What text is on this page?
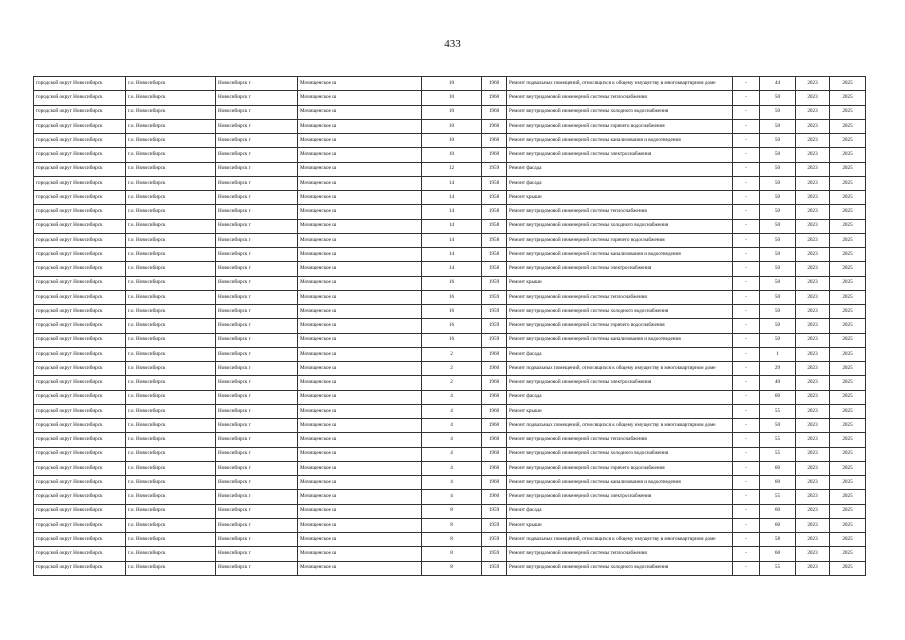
433
городской округ Новосибирск	г.о. Новосибирск	Новосибирск г	Мочищенское ш	10	1960	Ремонт подвальных помещений, относящихся к общему имуществу в многоквартирном доме	-	44	2023	2025
городской округ Новосибирск	г.о. Новосибирск	Новосибирск г	Мочищенское ш	10	1960	Ремонт внутридомовой инженерной системы теплоснабжения	-	50	2023	2025
городской округ Новосибирск	г.о. Новосибирск	Новосибирск г	Мочищенское ш	10	1960	Ремонт внутридомовой инженерной системы холодного водоснабжения	-	50	2023	2025
городской округ Новосибирск	г.о. Новосибирск	Новосибирск г	Мочищенское ш	10	1960	Ремонт внутридомовой инженерной системы горячего водоснабжения	-	50	2023	2025
городской округ Новосибирск	г.о. Новосибирск	Новосибирск г	Мочищенское ш	10	1960	Ремонт внутридомовой инженерной системы канализования и водоотведения	-	50	2023	2025
городской округ Новосибирск	г.о. Новосибирск	Новосибирск г	Мочищенское ш	10	1960	Ремонт внутридомовой инженерной системы электроснабжения	-	50	2023	2025
городской округ Новосибирск	г.о. Новосибирск	Новосибирск г	Мочищенское ш	12	1959	Ремонт фасада	-	50	2023	2025
городской округ Новосибирск	г.о. Новосибирск	Новосибирск г	Мочищенское ш	14	1958	Ремонт фасада	-	50	2023	2025
городской округ Новосибирск	г.о. Новосибирск	Новосибирск г	Мочищенское ш	14	1958	Ремонт крыши	-	50	2023	2025
городской округ Новосибирск	г.о. Новосибирск	Новосибирск г	Мочищенское ш	14	1958	Ремонт внутридомовой инженерной системы теплоснабжения	-	50	2023	2025
городской округ Новосибирск	г.о. Новосибирск	Новосибирск г	Мочищенское ш	14	1958	Ремонт внутридомовой инженерной системы холодного водоснабжения	-	50	2023	2025
городской округ Новосибирск	г.о. Новосибирск	Новосибирск г	Мочищенское ш	14	1958	Ремонт внутридомовой инженерной системы горячего водоснабжения	-	50	2023	2025
городской округ Новосибирск	г.о. Новосибирск	Новосибирск г	Мочищенское ш	14	1958	Ремонт внутридомовой инженерной системы канализования и водоотведения	-	50	2023	2025
городской округ Новосибирск	г.о. Новосибирск	Новосибирск г	Мочищенское ш	14	1958	Ремонт внутридомовой инженерной системы электроснабжения	-	50	2023	2025
городской округ Новосибирск	г.о. Новосибирск	Новосибирск г	Мочищенское ш	16	1959	Ремонт крыши	-	50	2023	2025
городской округ Новосибирск	г.о. Новосибирск	Новосибирск г	Мочищенское ш	16	1959	Ремонт внутридомовой инженерной системы теплоснабжения	-	50	2023	2025
городской округ Новосибирск	г.о. Новосибирск	Новосибирск г	Мочищенское ш	16	1959	Ремонт внутридомовой инженерной системы холодного водоснабжения	-	50	2023	2025
городской округ Новосибирск	г.о. Новосибирск	Новосибирск г	Мочищенское ш	16	1959	Ремонт внутридомовой инженерной системы горячего водоснабжения	-	50	2023	2025
городской округ Новосибирск	г.о. Новосибирск	Новосибирск г	Мочищенское ш	16	1959	Ремонт внутридомовой инженерной системы канализования и водоотведения	-	50	2023	2025
городской округ Новосибирск	г.о. Новосибирск	Новосибирск г	Мочищенское ш	2	1960	Ремонт фасада	-	1	2023	2025
городской округ Новосибирск	г.о. Новосибирск	Новосибирск г	Мочищенское ш	2	1960	Ремонт подвальных помещений, относящихся к общему имуществу в многоквартирном доме	-	29	2023	2025
городской округ Новосибирск	г.о. Новосибирск	Новосибирск г	Мочищенское ш	2	1960	Ремонт внутридомовой инженерной системы электроснабжения	-	40	2023	2025
городской округ Новосибирск	г.о. Новосибирск	Новосибирск г	Мочищенское ш	4	1960	Ремонт фасада	-	60	2023	2025
городской округ Новосибирск	г.о. Новосибирск	Новосибирск г	Мочищенское ш	4	1960	Ремонт крыши	-	55	2023	2025
городской округ Новосибирск	г.о. Новосибирск	Новосибирск г	Мочищенское ш	4	1960	Ремонт подвальных помещений, относящихся к общему имуществу в многоквартирном доме	-	50	2023	2025
городской округ Новосибирск	г.о. Новосибирск	Новосибирск г	Мочищенское ш	4	1960	Ремонт внутридомовой инженерной системы теплоснабжения	-	55	2023	2025
городской округ Новосибирск	г.о. Новосибирск	Новосибирск г	Мочищенское ш	4	1960	Ремонт внутридомовой инженерной системы холодного водоснабжения	-	55	2023	2025
городской округ Новосибирск	г.о. Новосибирск	Новосибирск г	Мочищенское ш	4	1960	Ремонт внутридомовой инженерной системы горячего водоснабжения	-	60	2023	2025
городской округ Новосибирск	г.о. Новосибирск	Новосибирск г	Мочищенское ш	4	1960	Ремонт внутридомовой инженерной системы канализования и водоотведения	-	60	2023	2025
городской округ Новосибирск	г.о. Новосибирск	Новосибирск г	Мочищенское ш	4	1960	Ремонт внутридомовой инженерной системы электроснабжения	-	55	2023	2025
городской округ Новосибирск	г.о. Новосибирск	Новосибирск г	Мочищенское ш	8	1959	Ремонт фасада	-	60	2023	2025
городской округ Новосибирск	г.о. Новосибирск	Новосибирск г	Мочищенское ш	8	1959	Ремонт крыши	-	60	2023	2025
городской округ Новосибирск	г.о. Новосибирск	Новосибирск г	Мочищенское ш	8	1959	Ремонт подвальных помещений, относящихся к общему имуществу в многоквартирном доме	-	58	2023	2025
городской округ Новосибирск	г.о. Новосибирск	Новосибирск г	Мочищенское ш	8	1959	Ремонт внутридомовой инженерной системы теплоснабжения	-	60	2023	2025
городской округ Новосибирск	г.о. Новосибирск	Новосибирск г	Мочищенское ш	8	1959	Ремонт внутридомовой инженерной системы холодного водоснабжения	-	55	2023	2025
